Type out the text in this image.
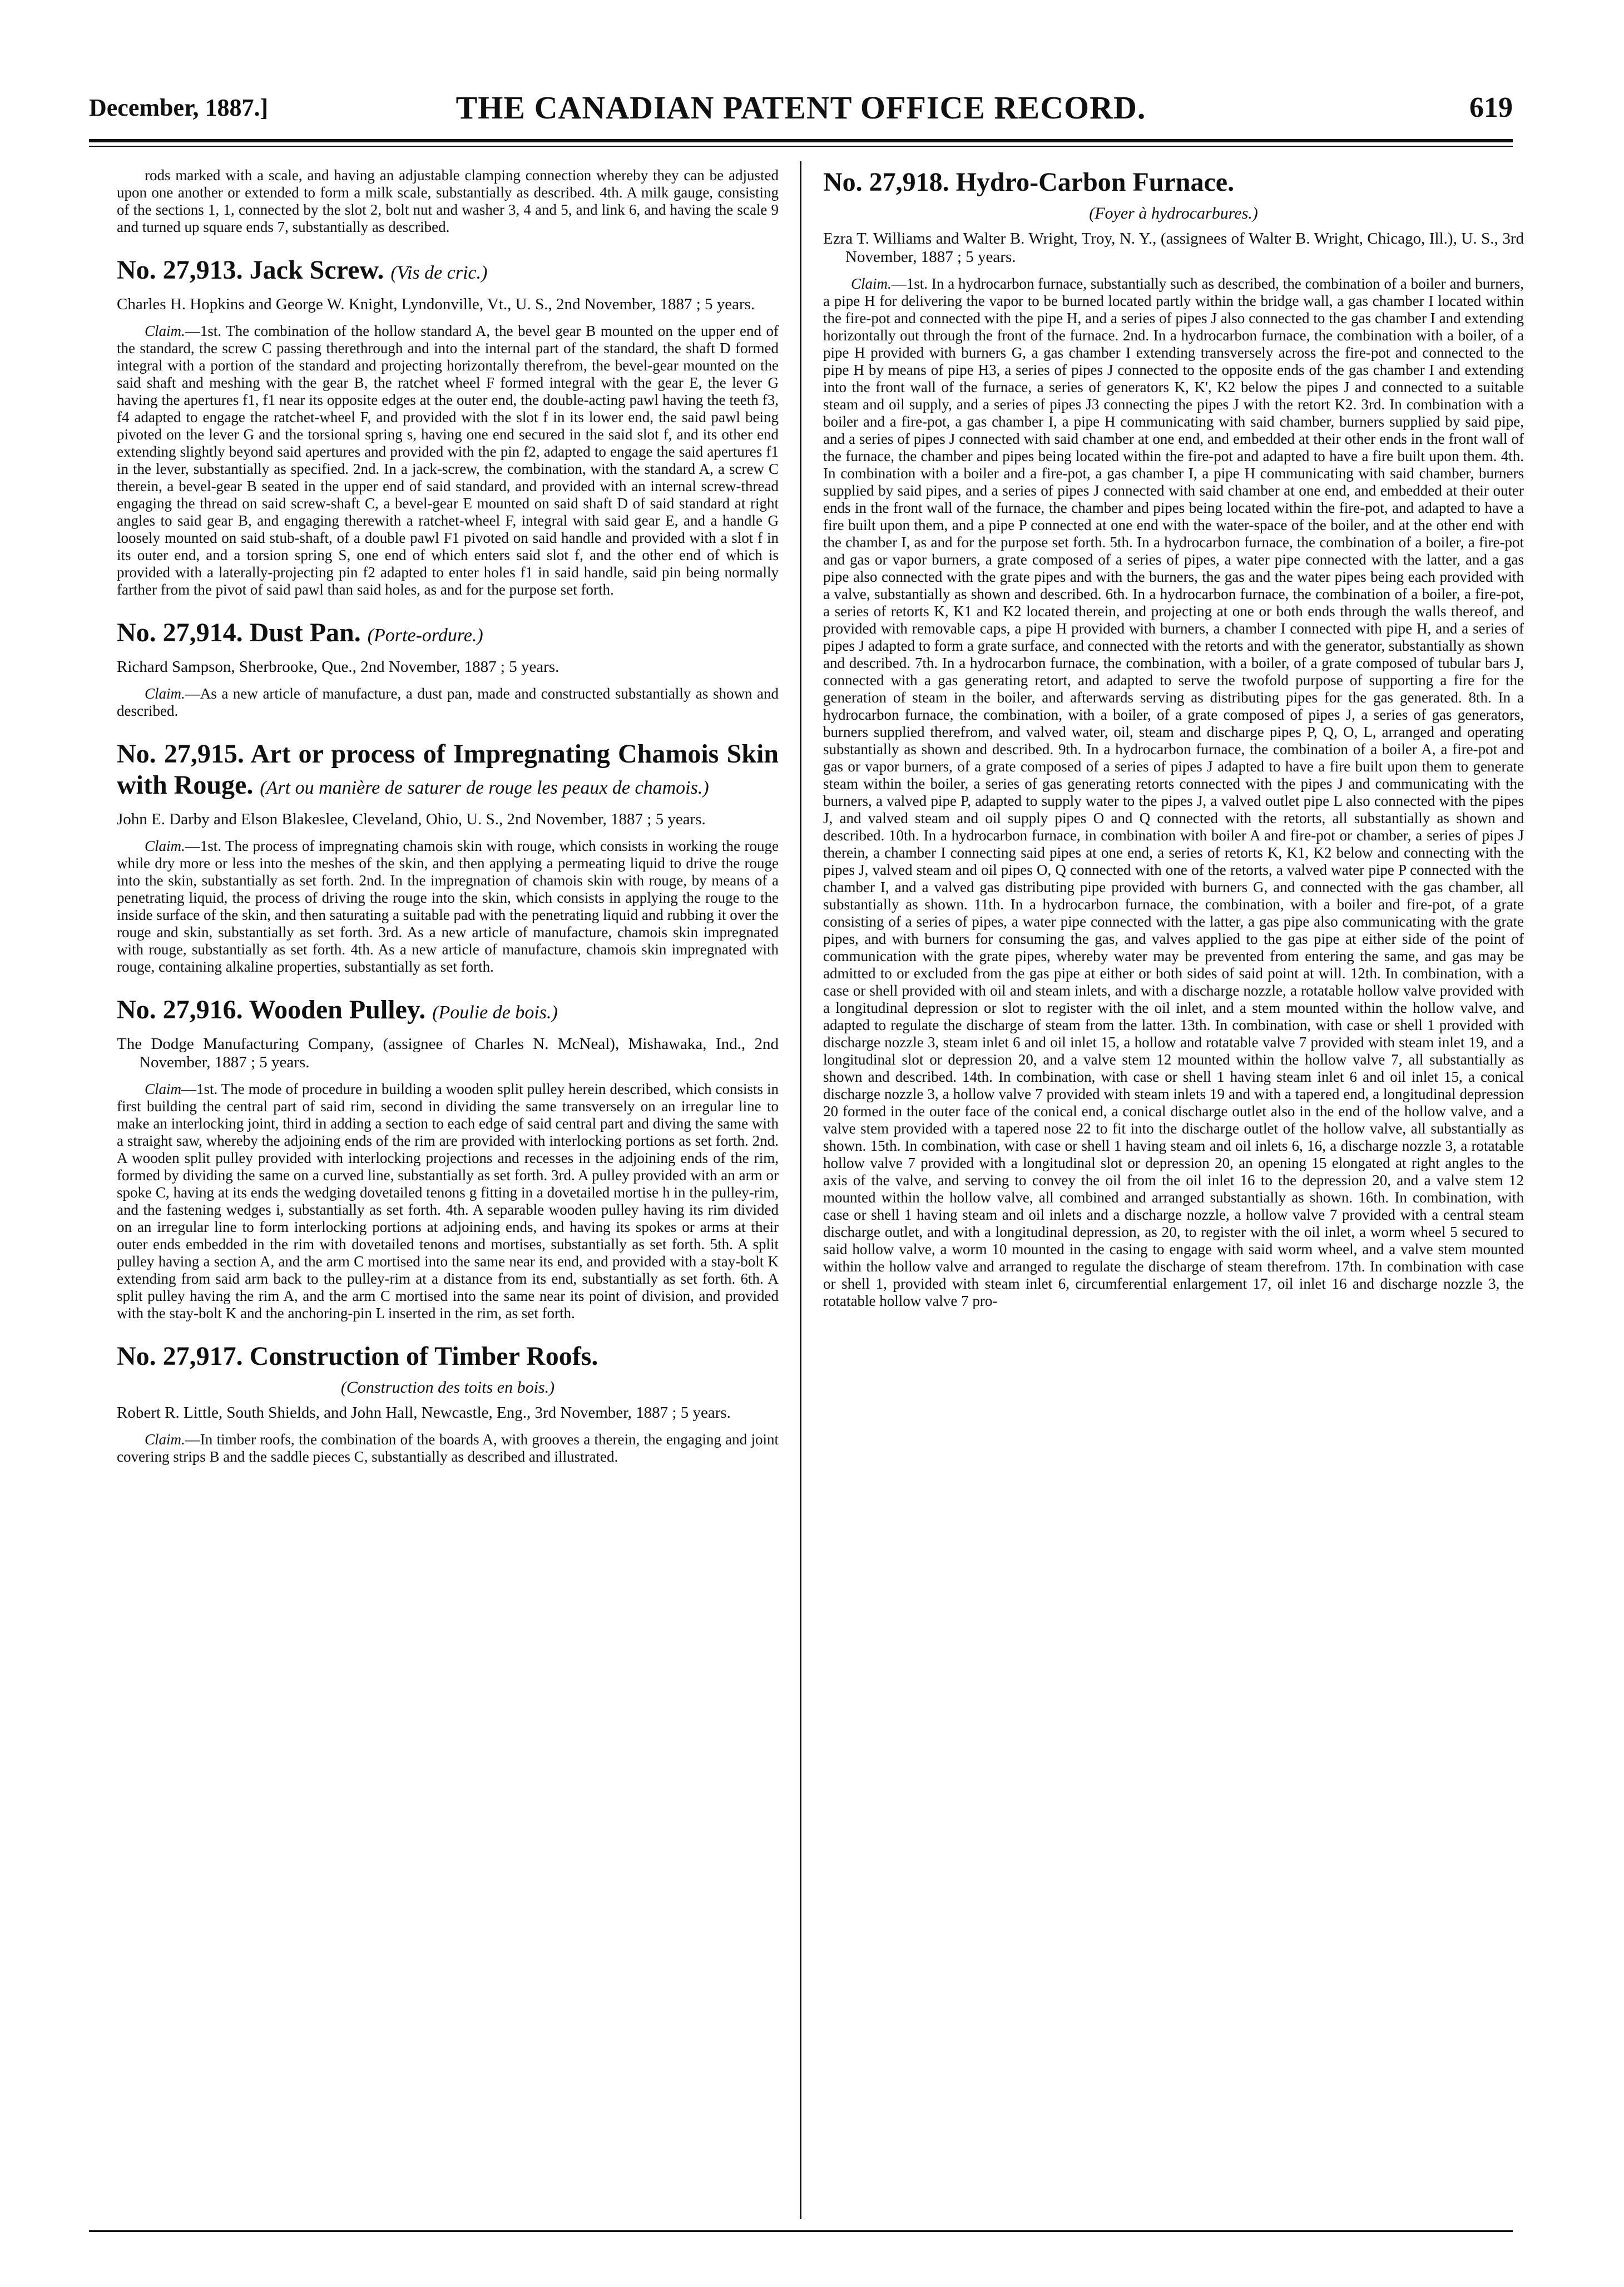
December, 1887.]	THE CANADIAN PATENT OFFICE RECORD.	619

rods marked with a scale, and having an adjustable clamping connection whereby they can be adjusted upon one another or extended to form a milk scale, substantially as described. 4th. A milk gauge, consisting of the sections 1, 1, connected by the slot 2, bolt nut and washer 3, 4 and 5, and link 6, and having the scale 9 and turned up square ends 7, substantially as described.

No. 27,913. Jack Screw. (Vis de cric.)

Charles H. Hopkins and George W. Knight, Lyndonville, Vt., U. S., 2nd November, 1887 ; 5 years.

Claim.—1st. The combination of the hollow standard A, the bevel gear B mounted on the upper end of the standard, the screw C passing therethrough and into the internal part of the standard, the shaft D formed integral with a portion of the standard and projecting horizontally therefrom, the bevel-gear mounted on the said shaft and meshing with the gear B, the ratchet wheel F formed integral with the gear E, the lever G having the apertures f1, f1 near its opposite edges at the outer end, the double-acting pawl having the teeth f3, f4 adapted to engage the ratchet-wheel F, and provided with the slot f in its lower end, the said pawl being pivoted on the lever G and the torsional spring s, having one end secured in the said slot f, and its other end extending slightly beyond said apertures and provided with the pin f2, adapted to engage the said apertures f1 in the lever, substantially as specified. 2nd. In a jack-screw, the combination, with the standard A, a screw C therein, a bevel-gear B seated in the upper end of said standard, and provided with an internal screw-thread engaging the thread on said screw-shaft C, a bevel-gear E mounted on said shaft D of said standard at right angles to said gear B, and engaging therewith a ratchet-wheel F, integral with said gear E, and a handle G loosely mounted on said stub-shaft, of a double pawl F1 pivoted on said handle and provided with a slot f in its outer end, and a torsion spring S, one end of which enters said slot f, and the other end of which is provided with a laterally-projecting pin f2 adapted to enter holes f1 in said handle, said pin being normally farther from the pivot of said pawl than said holes, as and for the purpose set forth.

No. 27,914. Dust Pan. (Porte-ordure.)

Richard Sampson, Sherbrooke, Que., 2nd November, 1887 ; 5 years.

Claim.—As a new article of manufacture, a dust pan, made and constructed substantially as shown and described.

No. 27,915. Art or process of Impregnating Chamois Skin with Rouge. (Art ou manière de saturer de rouge les peaux de chamois.)

John E. Darby and Elson Blakeslee, Cleveland, Ohio, U. S., 2nd November, 1887 ; 5 years.

Claim.—1st. The process of impregnating chamois skin with rouge, which consists in working the rouge while dry more or less into the meshes of the skin, and then applying a permeating liquid to drive the rouge into the skin, substantially as set forth. 2nd. In the impregnation of chamois skin with rouge, by means of a penetrating liquid, the process of driving the rouge into the skin, which consists in applying the rouge to the inside surface of the skin, and then saturating a suitable pad with the penetrating liquid and rubbing it over the rouge and skin, substantially as set forth. 3rd. As a new article of manufacture, chamois skin impregnated with rouge, substantially as set forth. 4th. As a new article of manufacture, chamois skin impregnated with rouge, containing alkaline properties, substantially as set forth.

No. 27,916. Wooden Pulley. (Poulie de bois.)

The Dodge Manufacturing Company, (assignee of Charles N. McNeal), Mishawaka, Ind., 2nd November, 1887 ; 5 years.

Claim—1st. The mode of procedure in building a wooden split pulley herein described, which consists in first building the central part of said rim, second in dividing the same transversely on an irregular line to make an interlocking joint, third in adding a section to each edge of said central part and diving the same with a straight saw, whereby the adjoining ends of the rim are provided with interlocking portions as set forth. 2nd. A wooden split pulley provided with interlocking projections and recesses in the adjoining ends of the rim, formed by dividing the same on a curved line, substantially as set forth. 3rd. A pulley provided with an arm or spoke C, having at its ends the wedging dovetailed tenons g fitting in a dovetailed mortise h in the pulley-rim, and the fastening wedges i, substantially as set forth. 4th. A separable wooden pulley having its rim divided on an irregular line to form interlocking portions at adjoining ends, and having its spokes or arms at their outer ends embedded in the rim with dovetailed tenons and mortises, substantially as set forth. 5th. A split pulley having a section A, and the arm C mortised into the same near its end, and provided with a stay-bolt K extending from said arm back to the pulley-rim at a distance from its end, substantially as set forth. 6th. A split pulley having the rim A, and the arm C mortised into the same near its point of division, and provided with the stay-bolt K and the anchoring-pin L inserted in the rim, as set forth.

No. 27,917. Construction of Timber Roofs.

(Construction des toits en bois.)

Robert R. Little, South Shields, and John Hall, Newcastle, Eng., 3rd November, 1887 ; 5 years.

Claim.—In timber roofs, the combination of the boards A, with grooves a therein, the engaging and joint covering strips B and the saddle pieces C, substantially as described and illustrated.

No. 27,918. Hydro-Carbon Furnace.

(Foyer à hydrocarbures.)

Ezra T. Williams and Walter B. Wright, Troy, N. Y., (assignees of Walter B. Wright, Chicago, Ill.), U. S., 3rd November, 1887 ; 5 years.

Claim.—1st. In a hydrocarbon furnace, substantially such as described, the combination of a boiler and burners, a pipe H for delivering the vapor to be burned located partly within the bridge wall, a gas chamber I located within the fire-pot and connected with the pipe H, and a series of pipes J also connected to the gas chamber I and extending horizontally out through the front of the furnace. 2nd. In a hydrocarbon furnace, the combination with a boiler, of a pipe H provided with burners G, a gas chamber I extending transversely across the fire-pot and connected to the pipe H by means of pipe H3, a series of pipes J connected to the opposite ends of the gas chamber I and extending into the front wall of the furnace, a series of generators K, K', K2 below the pipes J and connected to a suitable steam and oil supply, and a series of pipes J3 connecting the pipes J with the retort K2. 3rd. In combination with a boiler and a fire-pot, a gas chamber I, a pipe H communicating with said chamber, burners supplied by said pipe, and a series of pipes J connected with said chamber at one end, and embedded at their other ends in the front wall of the furnace, the chamber and pipes being located within the fire-pot and adapted to have a fire built upon them. 4th. In combination with a boiler and a fire-pot, a gas chamber I, a pipe H communicating with said chamber, burners supplied by said pipes, and a series of pipes J connected with said chamber at one end, and embedded at their outer ends in the front wall of the furnace, the chamber and pipes being located within the fire-pot, and adapted to have a fire built upon them, and a pipe P connected at one end with the water-space of the boiler, and at the other end with the chamber I, as and for the purpose set forth. 5th. In a hydrocarbon furnace, the combination of a boiler, a fire-pot and gas or vapor burners, a grate composed of a series of pipes, a water pipe connected with the latter, and a gas pipe also connected with the grate pipes and with the burners, the gas and the water pipes being each provided with a valve, substantially as shown and described. 6th. In a hydrocarbon furnace, the combination of a boiler, a fire-pot, a series of retorts K, K1 and K2 located therein, and projecting at one or both ends through the walls thereof, and provided with removable caps, a pipe H provided with burners, a chamber I connected with pipe H, and a series of pipes J adapted to form a grate surface, and connected with the retorts and with the generator, substantially as shown and described. 7th. In a hydrocarbon furnace, the combination, with a boiler, of a grate composed of tubular bars J, connected with a gas generating retort, and adapted to serve the twofold purpose of supporting a fire for the generation of steam in the boiler, and afterwards serving as distributing pipes for the gas generated. 8th. In a hydrocarbon furnace, the combination, with a boiler, of a grate composed of pipes J, a series of gas generators, burners supplied therefrom, and valved water, oil, steam and discharge pipes P, Q, O, L, arranged and operating substantially as shown and described. 9th. In a hydrocarbon furnace, the combination of a boiler A, a fire-pot and gas or vapor burners, of a grate composed of a series of pipes J adapted to have a fire built upon them to generate steam within the boiler, a series of gas generating retorts connected with the pipes J and communicating with the burners, a valved pipe P, adapted to supply water to the pipes J, a valved outlet pipe L also connected with the pipes J, and valved steam and oil supply pipes O and Q connected with the retorts, all substantially as shown and described. 10th. In a hydrocarbon furnace, in combination with boiler A and fire-pot or chamber, a series of pipes J therein, a chamber I connecting said pipes at one end, a series of retorts K, K1, K2 below and connecting with the pipes J, valved steam and oil pipes O, Q connected with one of the retorts, a valved water pipe P connected with the chamber I, and a valved gas distributing pipe provided with burners G, and connected with the gas chamber, all substantially as shown. 11th. In a hydrocarbon furnace, the combination, with a boiler and fire-pot, of a grate consisting of a series of pipes, a water pipe connected with the latter, a gas pipe also communicating with the grate pipes, and with burners for consuming the gas, and valves applied to the gas pipe at either side of the point of communication with the grate pipes, whereby water may be prevented from entering the same, and gas may be admitted to or excluded from the gas pipe at either or both sides of said point at will. 12th. In combination, with a case or shell provided with oil and steam inlets, and with a discharge nozzle, a rotatable hollow valve provided with a longitudinal depression or slot to register with the oil inlet, and a stem mounted within the hollow valve, and adapted to regulate the discharge of steam from the latter. 13th. In combination, with case or shell 1 provided with discharge nozzle 3, steam inlet 6 and oil inlet 15, a hollow and rotatable valve 7 provided with steam inlet 19, and a longitudinal slot or depression 20, and a valve stem 12 mounted within the hollow valve 7, all substantially as shown and described. 14th. In combination, with case or shell 1 having steam inlet 6 and oil inlet 15, a conical discharge nozzle 3, a hollow valve 7 provided with steam inlets 19 and with a tapered end, a longitudinal depression 20 formed in the outer face of the conical end, a conical discharge outlet also in the end of the hollow valve, and a valve stem provided with a tapered nose 22 to fit into the discharge outlet of the hollow valve, all substantially as shown. 15th. In combination, with case or shell 1 having steam and oil inlets 6, 16, a discharge nozzle 3, a rotatable hollow valve 7 provided with a longitudinal slot or depression 20, an opening 15 elongated at right angles to the axis of the valve, and serving to convey the oil from the oil inlet 16 to the depression 20, and a valve stem 12 mounted within the hollow valve, all combined and arranged substantially as shown. 16th. In combination, with case or shell 1 having steam and oil inlets and a discharge nozzle, a hollow valve 7 provided with a central steam discharge outlet, and with a longitudinal depression, as 20, to register with the oil inlet, a worm wheel 5 secured to said hollow valve, a worm 10 mounted in the casing to engage with said worm wheel, and a valve stem mounted within the hollow valve and arranged to regulate the discharge of steam therefrom. 17th. In combination with case or shell 1, provided with steam inlet 6, circumferential enlargement 17, oil inlet 16 and discharge nozzle 3, the rotatable hollow valve 7 pro-
